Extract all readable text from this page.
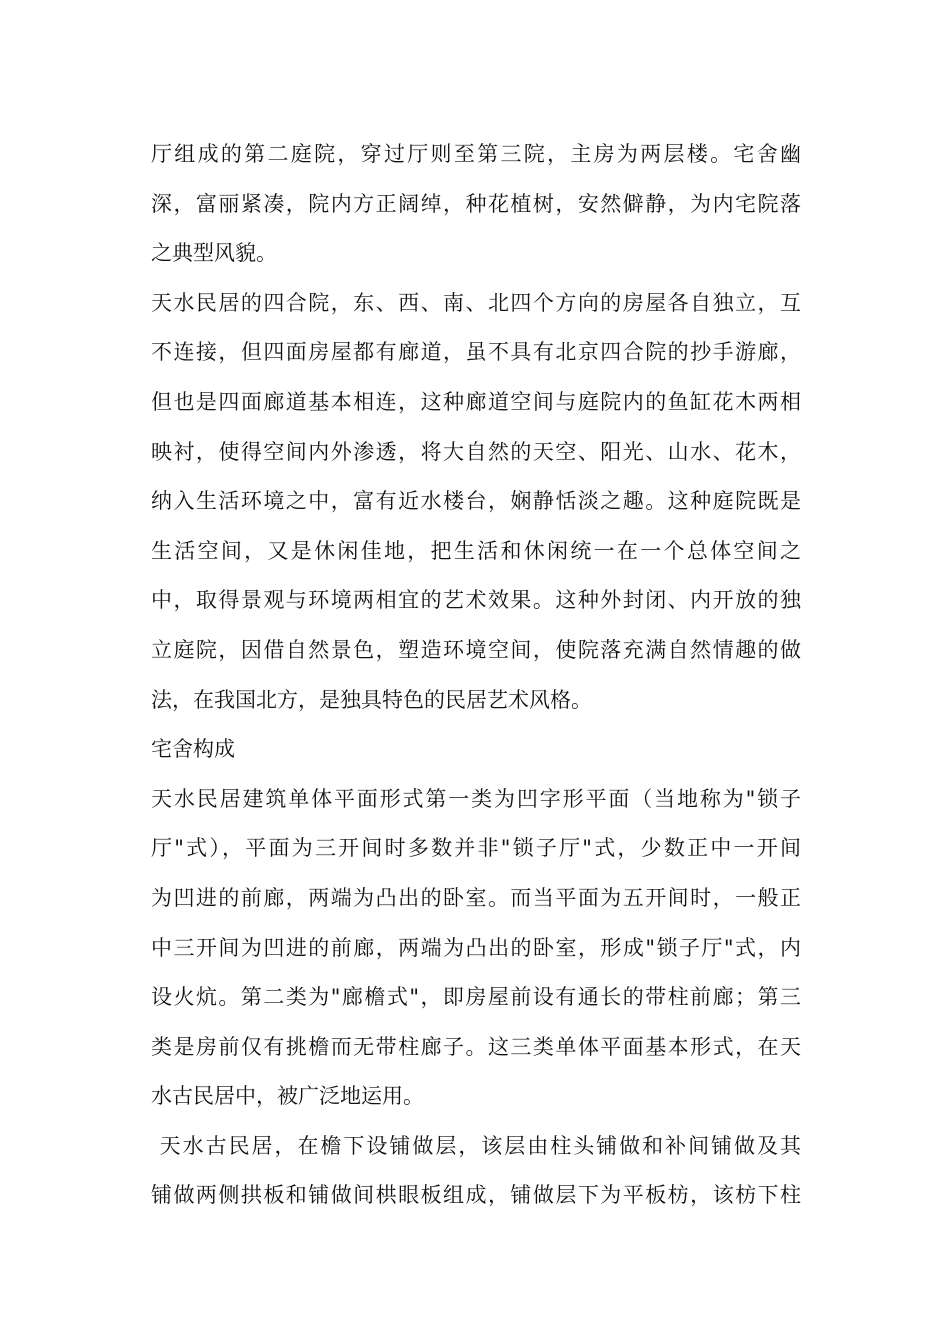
厅组成的第二庭院，穿过厅则至第三院，主房为两层楼。宅舍幽
深，富丽紧凑，院内方正阔绰，种花植树，安然僻静，为内宅院落
之典型风貌。
天水民居的四合院，东、西、南、北四个方向的房屋各自独立，互
不连接，但四面房屋都有廊道，虽不具有北京四合院的抄手游廊，
但也是四面廊道基本相连，这种廊道空间与庭院内的鱼缸花木两相
映衬，使得空间内外渗透，将大自然的天空、阳光、山水、花木，
纳入生活环境之中，富有近水楼台，娴静恬淡之趣。这种庭院既是
生活空间，又是休闲佳地，把生活和休闲统一在一个总体空间之
中，取得景观与环境两相宜的艺术效果。这种外封闭、内开放的独
立庭院，因借自然景色，塑造环境空间，使院落充满自然情趣的做
法，在我国北方，是独具特色的民居艺术风格。
宅舍构成
天水民居建筑单体平面形式第一类为凹字形平面（当地称为"锁子
厅"式），平面为三开间时多数并非"锁子厅"式，少数正中一开间
为凹进的前廊，两端为凸出的卧室。而当平面为五开间时，一般正
中三开间为凹进的前廊，两端为凸出的卧室，形成"锁子厅"式，内
设火炕。第二类为"廊檐式"，即房屋前设有通长的带柱前廊；第三
类是房前仅有挑檐而无带柱廊子。这三类单体平面基本形式，在天
水古民居中，被广泛地运用。
天水古民居，在檐下设铺做层，该层由柱头铺做和补间铺做及其
铺做两侧拱板和铺做间栱眼板组成，铺做层下为平板枋，该枋下柱
